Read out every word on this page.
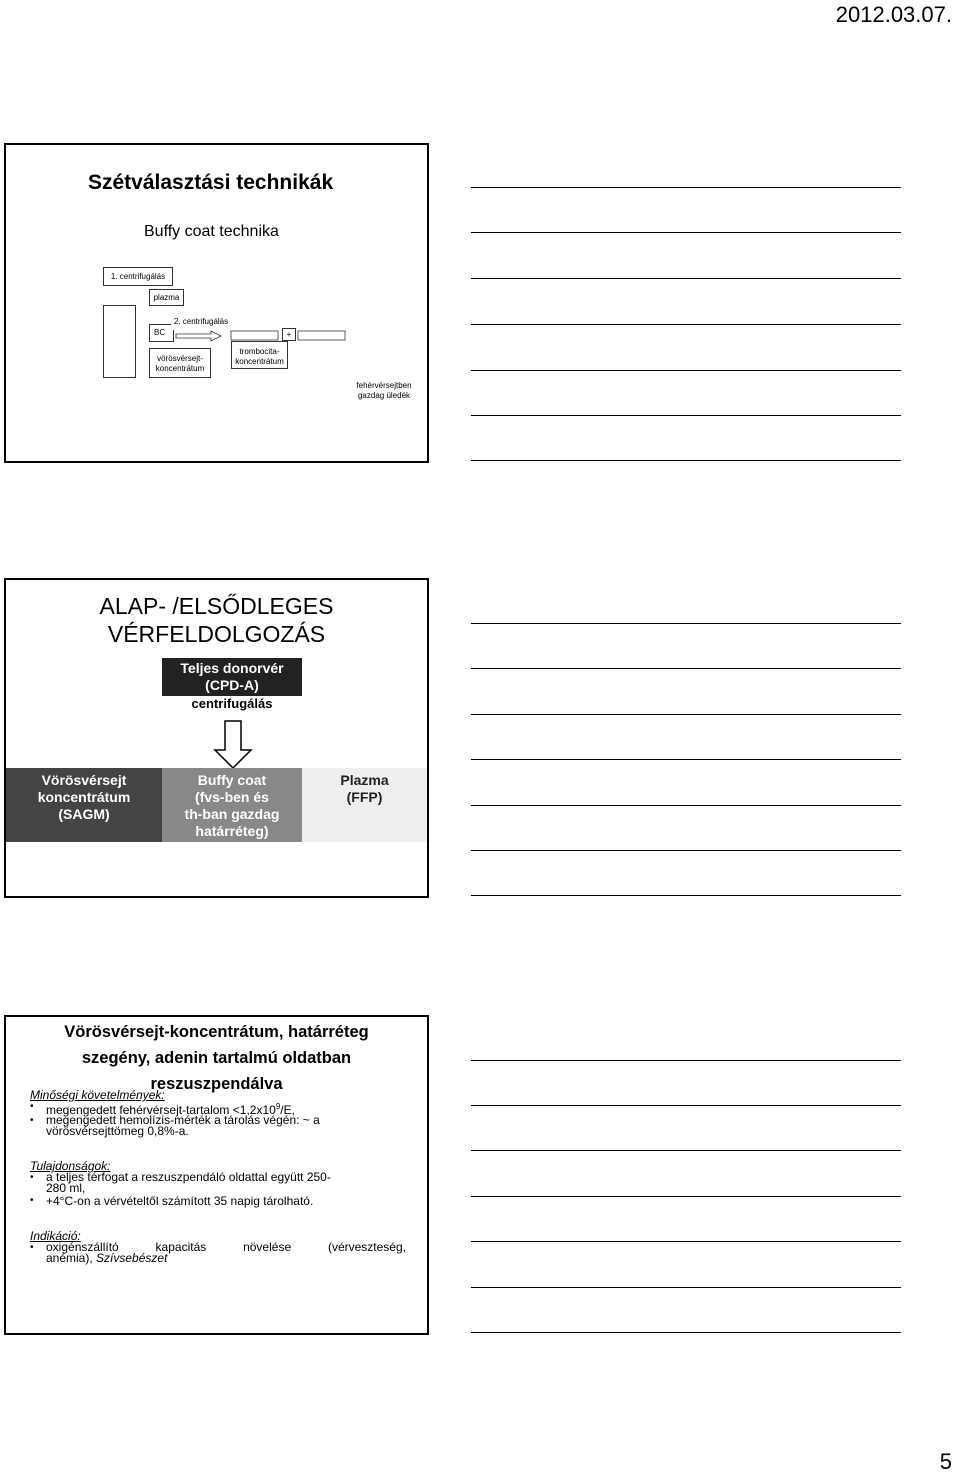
2012.03.07.
Szétválasztási technikák
Buffy coat technika
1. centrifugálás
plazma
BC
2. centrifugálás
+
vörösvérsejt-
koncentrátum
trombocita-
koncentrátum
fehérvérsejtben
gazdag üledék
ALAP- /ELSŐDLEGES
VÉRFELDOLGOZÁS
Teljes donorvér
(CPD-A)
centrifugálás
Vörösvérsejt
koncentrátum
(SAGM)
Buffy coat
(fvs-ben és
th-ban gazdag
határréteg)
Plazma
(FFP)
Vörösvérsejt-koncentrátum, határréteg
szegény, adenin tartalmú oldatban
reszuszpendálva
Minőségi követelmények:
• megengedett fehérvérsejt-tartalom $<1,2x10^9/E$,
• megengedett hemolízis-mérték a tárolás végén: ~ a
vörösvérsejttömeg 0,8%-a.
Tulajdonságok:
• a teljes térfogat a reszuszpendáló oldattal együtt 250-
280 ml,
• +4°C-on a vérvételtől számított 35 napig tárolható.
Indikáció:
• oxigénszállító kapacitás növelése (vérveszteség,
anémia), Szívsebészet
5
